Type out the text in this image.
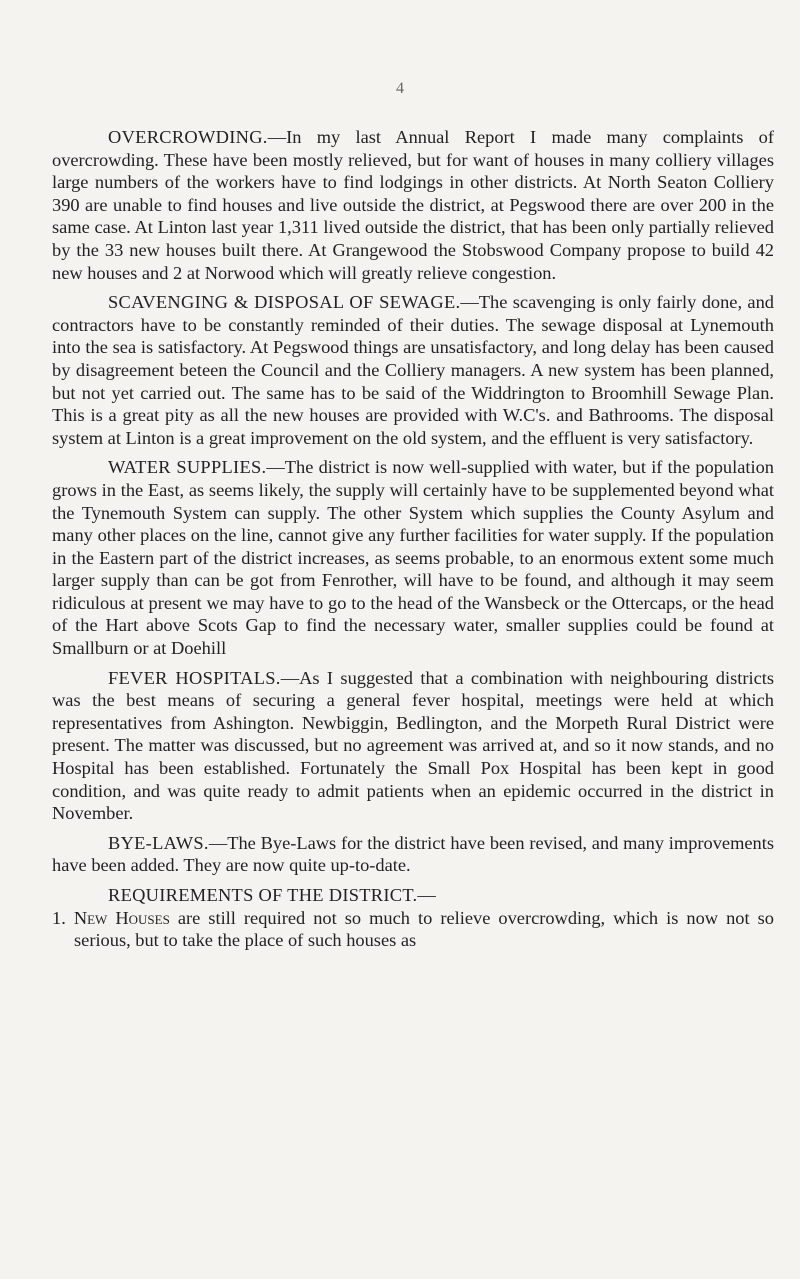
4

OVERCROWDING.—In my last Annual Report I made many complaints of overcrowding. These have been mostly relieved, but for want of houses in many colliery villages large numbers of the workers have to find lodgings in other districts. At North Seaton Colliery 390 are unable to find houses and live outside the district, at Pegswood there are over 200 in the same case. At Linton last year 1,311 lived outside the district, that has been only partially relieved by the 33 new houses built there. At Grangewood the Stobswood Company propose to build 42 new houses and 2 at Norwood which will greatly relieve congestion.

SCAVENGING & DISPOSAL OF SEWAGE.—The scavenging is only fairly done, and contractors have to be constantly reminded of their duties. The sewage disposal at Lynemouth into the sea is satisfactory. At Pegswood things are unsatisfactory, and long delay has been caused by disagreement beteen the Council and the Colliery managers. A new system has been planned, but not yet carried out. The same has to be said of the Widdrington to Broomhill Sewage Plan. This is a great pity as all the new houses are provided with W.C's. and Bathrooms. The disposal system at Linton is a great improvement on the old system, and the effluent is very satisfactory.

WATER SUPPLIES.—The district is now well-supplied with water, but if the population grows in the East, as seems likely, the supply will certainly have to be supplemented beyond what the Tynemouth System can supply. The other System which supplies the County Asylum and many other places on the line, cannot give any further facilities for water supply. If the population in the Eastern part of the district increases, as seems probable, to an enormous extent some much larger supply than can be got from Fenrother, will have to be found, and although it may seem ridiculous at present we may have to go to the head of the Wansbeck or the Ottercaps, or the head of the Hart above Scots Gap to find the necessary water, smaller supplies could be found at Smallburn or at Doehill

FEVER HOSPITALS.—As I suggested that a combination with neighbouring districts was the best means of securing a general fever hospital, meetings were held at which representatives from Ashington. Newbiggin, Bedlington, and the Morpeth Rural District were present. The matter was discussed, but no agreement was arrived at, and so it now stands, and no Hospital has been established. Fortunately the Small Pox Hospital has been kept in good condition, and was quite ready to admit patients when an epidemic occurred in the district in November.

BYE-LAWS.—The Bye-Laws for the district have been revised, and many improvements have been added. They are now quite up-to-date.

REQUIREMENTS OF THE DISTRICT.—

1. New Houses are still required not so much to relieve overcrowding, which is now not so serious, but to take the place of such houses as
